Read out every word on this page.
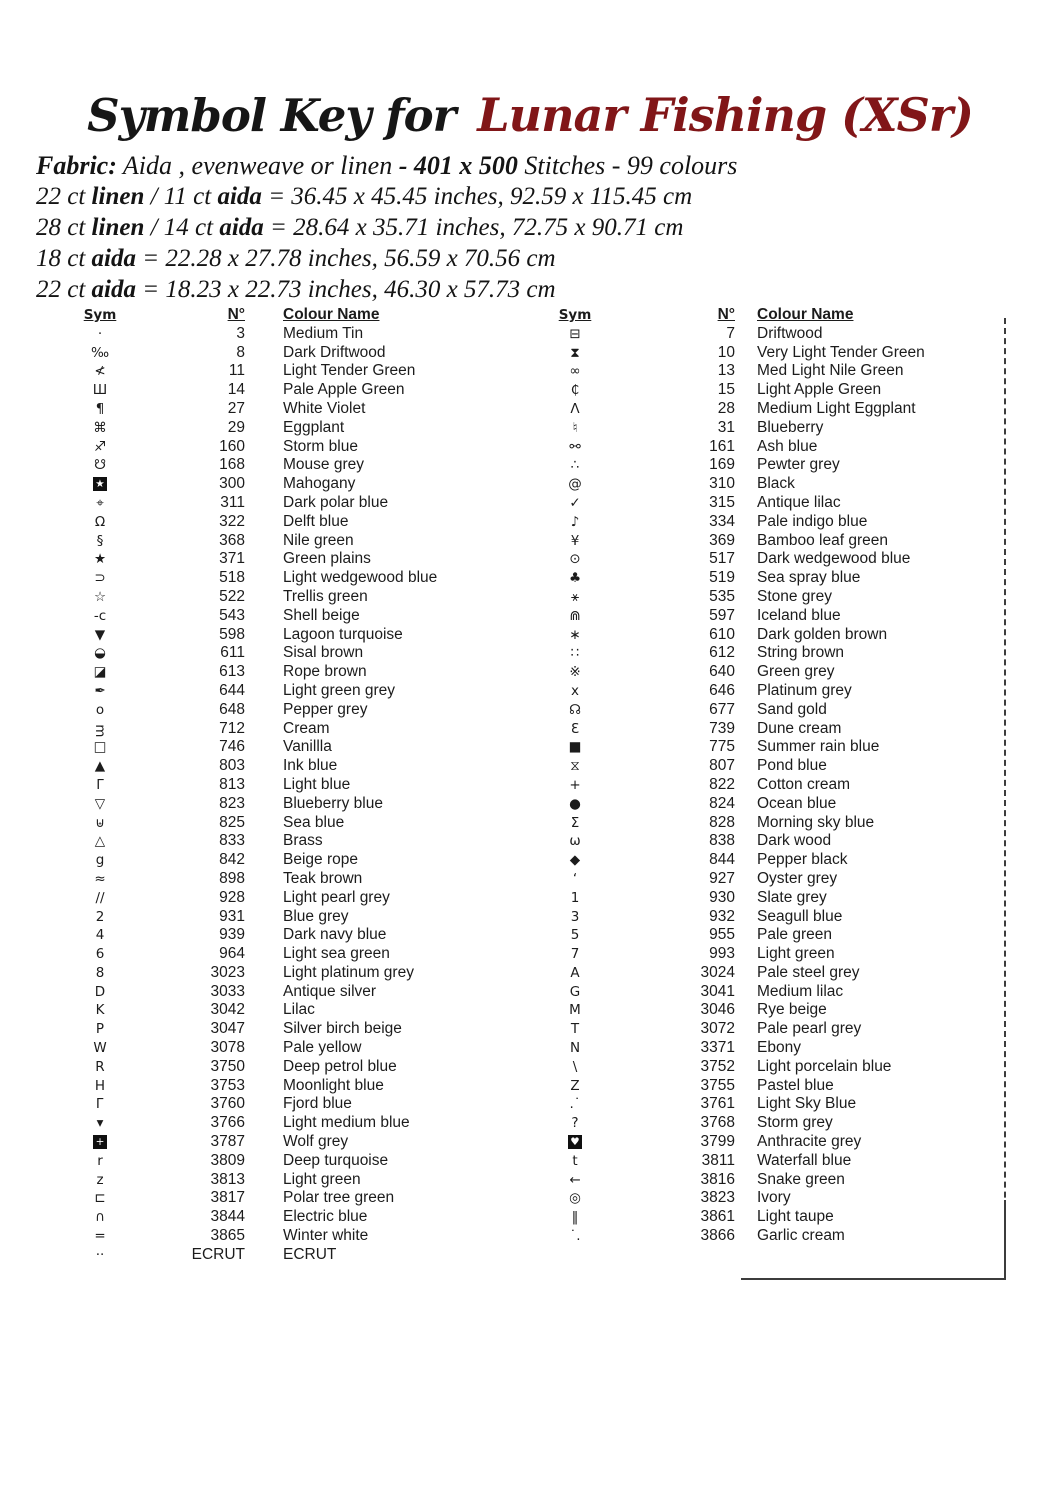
Symbol Key for Lunar Fishing (XSr)
Fabric: Aida , evenweave or linen - 401 x 500 Stitches - 99 colours
22 ct linen / 11 ct aida = 36.45 x 45.45 inches, 92.59 x 115.45 cm
28 ct linen / 14 ct aida = 28.64 x 35.71 inches, 72.75 x 90.71 cm
18 ct aida = 22.28 x 27.78 inches, 56.59 x 70.56 cm
22 ct aida = 18.23 x 22.73 inches, 46.30 x 57.73 cm
Sym	N°	Colour Name
·	3	Medium Tin
‰	8	Dark Driftwood
≮	11	Light Tender Green
Ш	14	Pale Apple Green
¶	27	White Violet
⌘	29	Eggplant
♐	160	Storm blue
☋	168	Mouse grey
★	300	Mahogany
⌖	311	Dark polar blue
Ω	322	Delft blue
§	368	Nile green
★	371	Green plains
⊃	518	Light wedgewood blue
☆	522	Trellis green
-c	543	Shell beige
▼	598	Lagoon turquoise
◒	611	Sisal brown
◪	613	Rope brown
✒	644	Light green grey
o	648	Pepper grey
ᴟ	712	Cream
□	746	Vanillla
▲	803	Ink blue
Γ	813	Light blue
▽	823	Blueberry blue
⊎	825	Sea blue
△	833	Brass
g	842	Beige rope
≈	898	Teak brown
∕∕	928	Light pearl grey
2	931	Blue grey
4	939	Dark navy blue
6	964	Light sea green
8	3023	Light platinum grey
D	3033	Antique silver
K	3042	Lilac
P	3047	Silver birch beige
W	3078	Pale yellow
R	3750	Deep petrol blue
H	3753	Moonlight blue
Г	3760	Fjord blue
▾	3766	Light medium blue
+	3787	Wolf grey
r	3809	Deep turquoise
z	3813	Light green
⊏	3817	Polar tree green
∩	3844	Electric blue
=	3865	Winter white
··	ECRUT	ECRUT
Sym	N°	Colour Name
⊟	7	Driftwood
⧗	10	Very Light Tender Green
∞	13	Med Light Nile Green
₵	15	Light Apple Green
Λ	28	Medium Light Eggplant
♮	31	Blueberry
⚯	161	Ash blue
∴	169	Pewter grey
@	310	Black
✓	315	Antique lilac
♪	334	Pale indigo blue
¥	369	Bamboo leaf green
⊙	517	Dark wedgewood blue
♣	519	Sea spray blue
⚹	535	Stone grey
⋒	597	Iceland blue
∗	610	Dark golden brown
∷	612	String brown
※	640	Green grey
x	646	Platinum grey
☊	677	Sand gold
Ɛ	739	Dune cream
■	775	Summer rain blue
⧖	807	Pond blue
+	822	Cotton cream
●	824	Ocean blue
Σ	828	Morning sky blue
ω	838	Dark wood
◆	844	Pepper black
‘	927	Oyster grey
1	930	Slate grey
3	932	Seagull blue
5	955	Pale green
7	993	Light green
A	3024	Pale steel grey
G	3041	Medium lilac
M	3046	Rye beige
T	3072	Pale pearl grey
N	3371	Ebony
\	3752	Light porcelain blue
Z	3755	Pastel blue
.˙	3761	Light Sky Blue
?	3768	Storm grey
♥	3799	Anthracite grey
t	3811	Waterfall blue
←	3816	Snake green
◎	3823	Ivory
‖	3861	Light taupe
˙.	3866	Garlic cream
